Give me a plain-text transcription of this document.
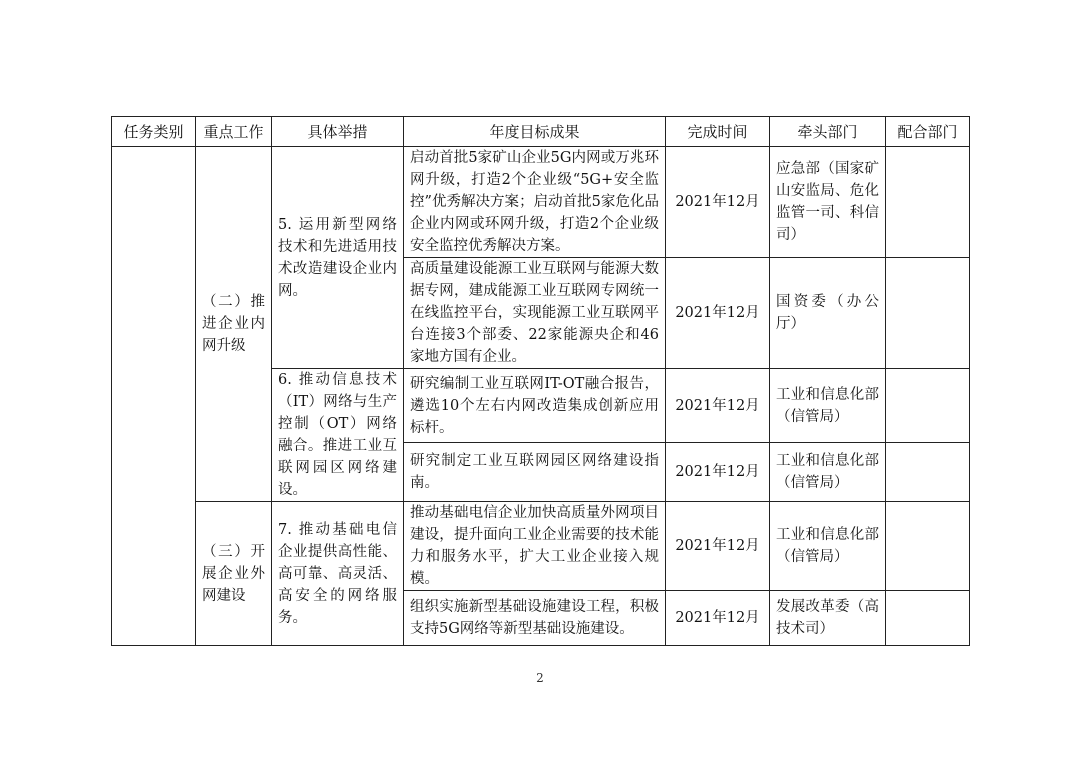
任务类别	重点工作	具体举措	年度目标成果	完成时间	牵头部门	配合部门
	（二）推进企业内网升级	5. 运用新型网络技术和先进适用技术改造建设企业内网。	启动首批5家矿山企业5G内网或万兆环网升级，打造2个企业级“5G+安全监控”优秀解决方案；启动首批5家危化品企业内网或环网升级，打造2个企业级安全监控优秀解决方案。	2021年12月	应急部（国家矿山安监局、危化监管一司、科信司）	
			高质量建设能源工业互联网与能源大数据专网，建成能源工业互联网专网统一在线监控平台，实现能源工业互联网平台连接3个部委、22家能源央企和46家地方国有企业。	2021年12月	国资委（办公厅）	
		6. 推动信息技术（IT）网络与生产控制（OT）网络融合。推进工业互联网园区网络建设。	研究编制工业互联网IT-OT融合报告，遴选10个左右内网改造集成创新应用标杆。	2021年12月	工业和信息化部（信管局）	
			研究制定工业互联网园区网络建设指南。	2021年12月	工业和信息化部（信管局）	
	（三）开展企业外网建设	7. 推动基础电信企业提供高性能、高可靠、高灵活、高安全的网络服务。	推动基础电信企业加快高质量外网项目建设，提升面向工业企业需要的技术能力和服务水平，扩大工业企业接入规模。	2021年12月	工业和信息化部（信管局）	
			组织实施新型基础设施建设工程，积极支持5G网络等新型基础设施建设。	2021年12月	发展改革委（高技术司）	
2
